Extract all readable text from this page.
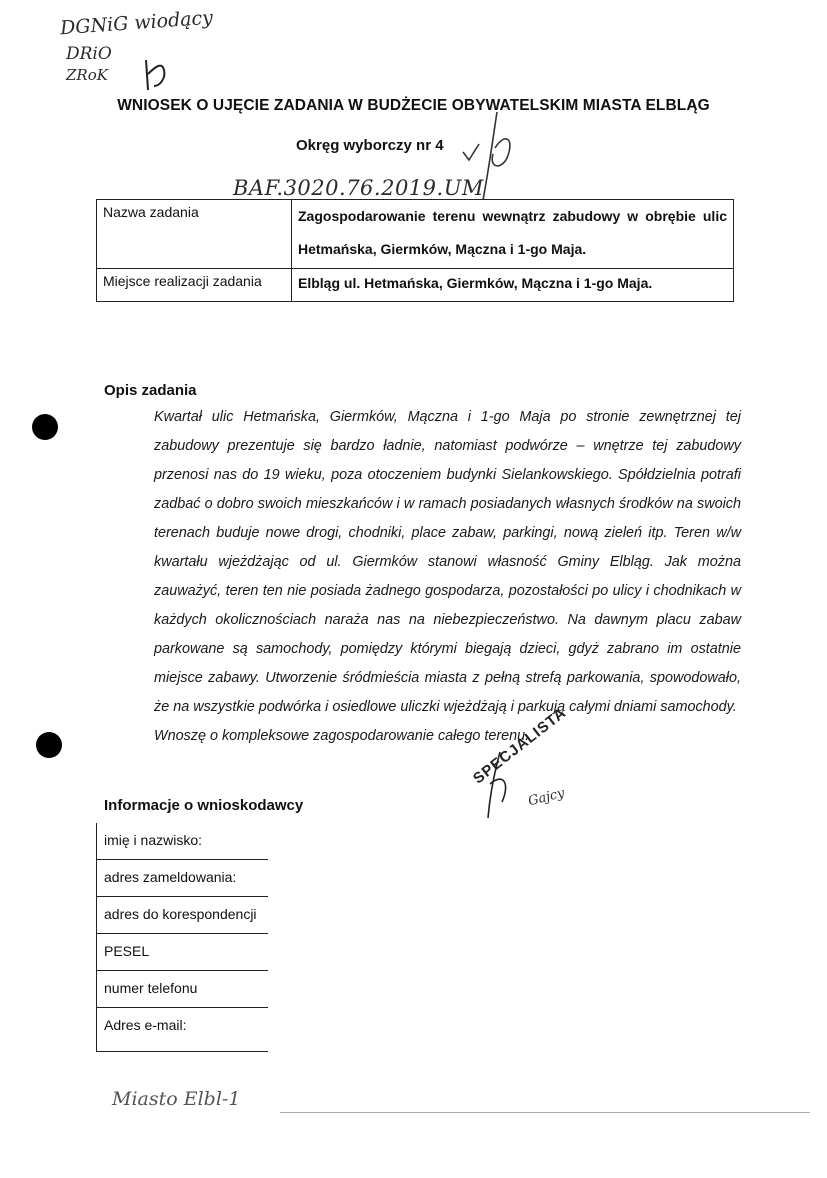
DGNiG wiodący
DRiO
ZRoK
WNIOSEK O UJĘCIE ZADANIA W BUDŻECIE OBYWATELSKIM MIASTA ELBLĄG
Okręg wyborczy nr 4
BAF.3020.76.2019.UM
Nazwa zadania	Zagospodarowanie terenu wewnątrz zabudowy w obrębie ulic Hetmańska, Giermków, Mączna i 1-go Maja.
Miejsce realizacji zadania	Elbląg ul. Hetmańska, Giermków, Mączna i 1-go Maja.
Opis zadania

Kwartał ulic Hetmańska, Giermków, Mączna i 1-go Maja po stronie zewnętrznej tej zabudowy prezentuje się bardzo ładnie, natomiast podwórze – wnętrze tej zabudowy przenosi nas do 19 wieku, poza otoczeniem budynki Sielankowskiego. Spółdzielnia potrafi zadbać o dobro swoich mieszkańców i w ramach posiadanych własnych środków na swoich terenach buduje nowe drogi, chodniki, place zabaw, parkingi, nową zieleń itp. Teren w/w kwartału wjeżdżając od ul. Giermków stanowi własność Gminy Elbląg. Jak można zauważyć, teren ten nie posiada żadnego gospodarza, pozostałości po ulicy i chodnikach w każdych okolicznościach naraża nas na niebezpieczeństwo. Na dawnym placu zabaw parkowane są samochody, pomiędzy którymi biegają dzieci, gdyż zabrano im ostatnie miejsce zabawy. Utworzenie śródmieścia miasta z pełną strefą parkowania, spowodowało, że na wszystkie podwórka i osiedlowe uliczki wjeżdżają i parkują całymi dniami samochody.

Wnoszę o kompleksowe zagospodarowanie całego terenu.

SPECJALISTA
Gajcy
Informacje o wnioskodawcy
imię i nazwisko:
adres zameldowania:
adres do korespondencji
PESEL
numer telefonu
Adres e-mail:
Miasto Elbl-1
